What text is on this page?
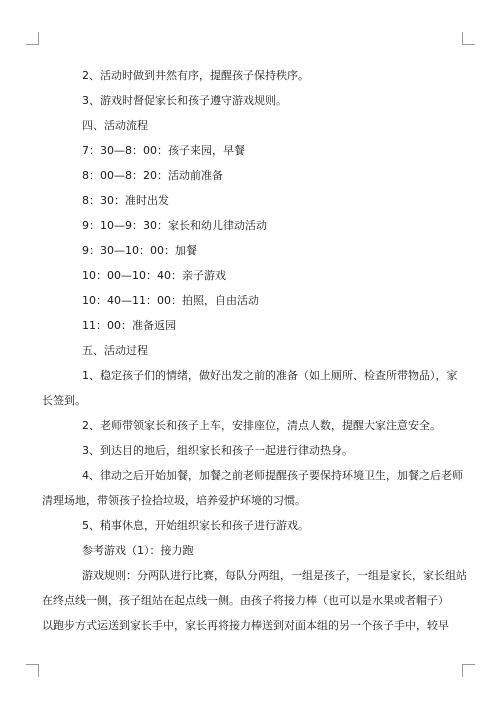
2、活动时做到井然有序，提醒孩子保持秩序。

3、游戏时督促家长和孩子遵守游戏规则。

四、活动流程

7：30—8：00：孩子来园，早餐

8：00—8：20：活动前准备

8：30：准时出发

9：10—9：30：家长和幼儿律动活动

9：30—10：00：加餐

10：00—10：40：亲子游戏

10：40—11：00：拍照，自由活动

11：00：准备返园

五、活动过程

1、稳定孩子们的情绪，做好出发之前的准备（如上厕所、检查所带物品），家
长签到。

2、老师带领家长和孩子上车，安排座位，清点人数，提醒大家注意安全。

3、到达目的地后，组织家长和孩子一起进行律动热身。

4、律动之后开始加餐，加餐之前老师提醒孩子要保持环境卫生，加餐之后老师
清理场地，带领孩子捡拾垃圾，培养爱护环境的习惯。

5、稍事休息，开始组织家长和孩子进行游戏。

参考游戏（1）：接力跑

游戏规则：分两队进行比赛，每队分两组，一组是孩子，一组是家长，家长组站
在终点线一侧，孩子组站在起点线一侧。由孩子将接力棒（也可以是水果或者帽子）
以跑步方式运送到家长手中，家长再将接力棒送到对面本组的另一个孩子手中，较早
